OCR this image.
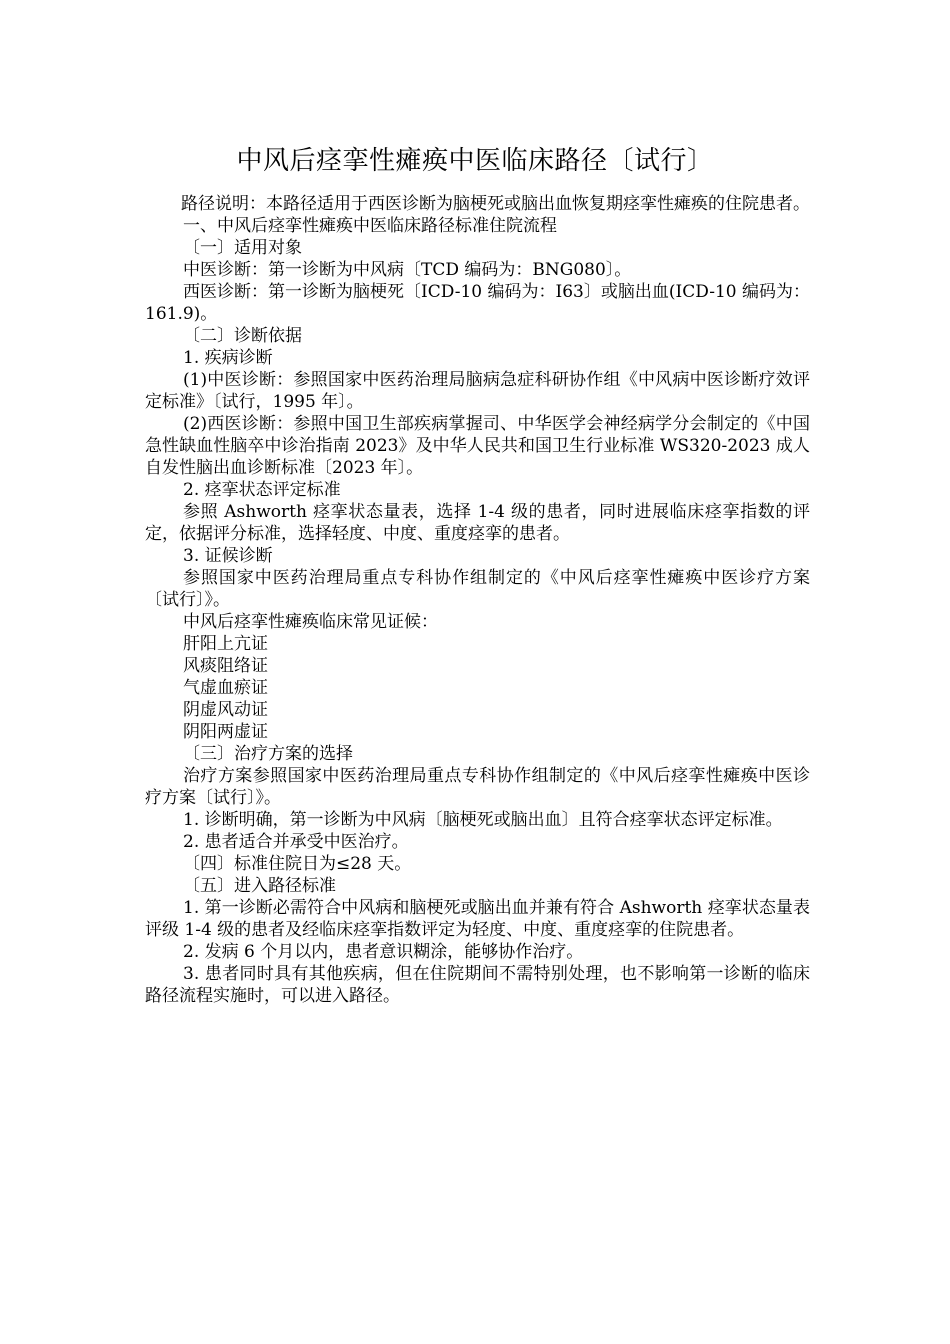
中风后痉挛性瘫痪中医临床路径〔试行〕

路径说明：本路径适用于西医诊断为脑梗死或脑出血恢复期痉挛性瘫痪的住院患者。

一、中风后痉挛性瘫痪中医临床路径标准住院流程

〔一〕适用对象

中医诊断：第一诊断为中风病〔TCD 编码为：BNG080〕。

西医诊断：第一诊断为脑梗死〔ICD-10 编码为：I63〕或脑出血(ICD-10 编码为：161.9)。

〔二〕诊断依据

1. 疾病诊断

(1)中医诊断：参照国家中医药治理局脑病急症科研协作组《中风病中医诊断疗效评定标准》〔试行，1995 年〕。

(2)西医诊断：参照中国卫生部疾病掌握司、中华医学会神经病学分会制定的《中国急性缺血性脑卒中诊治指南 2023》及中华人民共和国卫生行业标准 WS320-2023 成人自发性脑出血诊断标准〔2023 年〕。

2. 痉挛状态评定标准

参照 Ashworth 痉挛状态量表，选择 1-4 级的患者，同时进展临床痉挛指数的评定，依据评分标准，选择轻度、中度、重度痉挛的患者。

3. 证候诊断

参照国家中医药治理局重点专科协作组制定的《中风后痉挛性瘫痪中医诊疗方案〔试行〕》。

中风后痉挛性瘫痪临床常见证候：

肝阳上亢证

风痰阻络证

气虚血瘀证

阴虚风动证

阴阳两虚证

〔三〕治疗方案的选择

治疗方案参照国家中医药治理局重点专科协作组制定的《中风后痉挛性瘫痪中医诊疗方案〔试行〕》。

1. 诊断明确，第一诊断为中风病〔脑梗死或脑出血〕且符合痉挛状态评定标准。

2. 患者适合并承受中医治疗。

〔四〕标准住院日为≤28 天。

〔五〕进入路径标准

1. 第一诊断必需符合中风病和脑梗死或脑出血并兼有符合 Ashworth 痉挛状态量表评级 1-4 级的患者及经临床痉挛指数评定为轻度、中度、重度痉挛的住院患者。

2. 发病 6 个月以内，患者意识糊涂，能够协作治疗。

3. 患者同时具有其他疾病，但在住院期间不需特别处理，也不影响第一诊断的临床路径流程实施时，可以进入路径。
